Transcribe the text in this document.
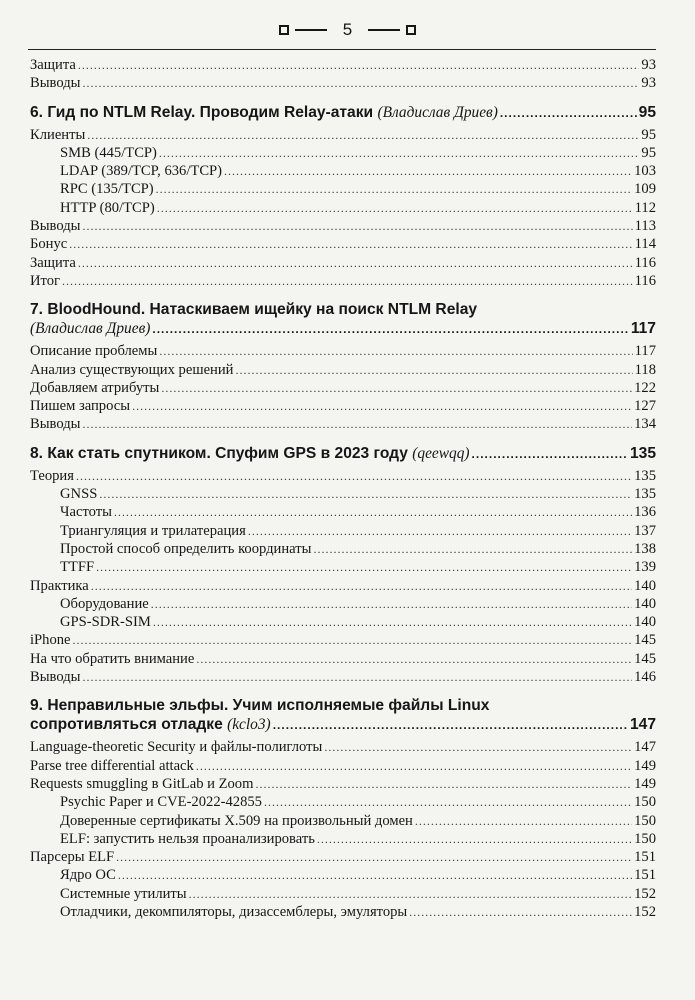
5
Защита .....	93
Выводы .....	93
6. Гид по NTLM Relay. Проводим Relay-атаки
(Владислав Дриев) .....	95
Клиенты .....	95
SMB (445/TCP) .....	95
LDAP (389/TCP, 636/TCP) .....	103
RPC (135/TCP) .....	109
HTTP (80/TCP) .....	112
Выводы .....	113
Бонус .....	114
Защита .....	116
Итог .....	116
7. BloodHound. Натаскиваем ищейку на поиск NTLM Relay
(Владислав Дриев) .....	117
Описание проблемы .....	117
Анализ существующих решений .....	118
Добавляем атрибуты .....	122
Пишем запросы .....	127
Выводы .....	134
8. Как стать спутником. Спуфим GPS в 2023 году
(qeewqq) .....	135
Теория .....	135
GNSS .....	135
Частоты .....	136
Триангуляция и трилатерация .....	137
Простой способ определить координаты .....	138
TTFF .....	139
Практика .....	140
Оборудование .....	140
GPS-SDR-SIM .....	140
iPhone .....	145
На что обратить внимание .....	145
Выводы .....	146
9. Неправильные эльфы. Учим исполняемые файлы Linux
сопротивляться отладке
(kclo3) .....	147
Language-theoretic Security и файлы-полиглоты .....	147
Parse tree differential attack .....	149
Requests smuggling в GitLab и Zoom .....	149
Psychic Paper и CVE-2022-42855 .....	150
Доверенные сертификаты X.509 на произвольный домен .....	150
ELF: запустить нельзя проанализировать .....	150
Парсеры ELF .....	151
Ядро ОС .....	151
Системные утилиты .....	152
Отладчики, декомпиляторы, дизассемблеры, эмуляторы .....	152
